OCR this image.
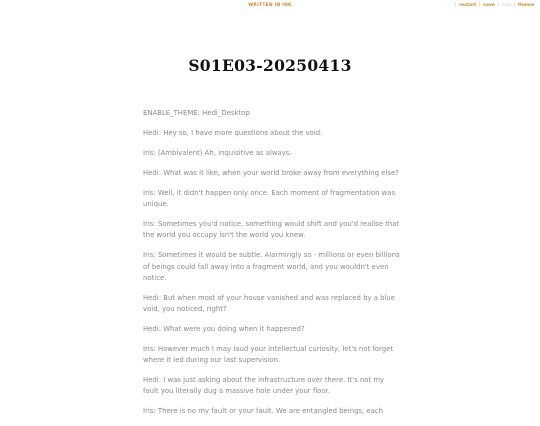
WRITTEN IN INK	| restart | save | load | theme
S01E03-20250413

ENABLE_THEME: Hedi_Desktop

Hedi: Hey so, I have more questions about the void.

Iris: (Ambivalent) Ah, inquisitive as always.

Hedi: What was it like, when your world broke away from everything else?

Iris: Well, it didn't happen only once. Each moment of fragmentation was unique.

Iris: Sometimes you'd notice, something would shift and you'd realise that the world you occupy isn't the world you knew.

Iris: Sometimes it would be subtle. Alarmingly so - millions or even billions of beings could fall away into a fragment world, and you wouldn't even notice.

Hedi: But when most of your house vanished and was replaced by a blue void, you noticed, right?

Hedi: What were you doing when it happened?

Iris: However much I may laud your intellectual curiosity, let's not forget where it led during our last supervision.

Hedi: I was just asking about the infrastructure over there. It's not my fault you literally dug a massive hole under your floor.

Iris: There is no my fault or your fault. We are entangled beings, each
